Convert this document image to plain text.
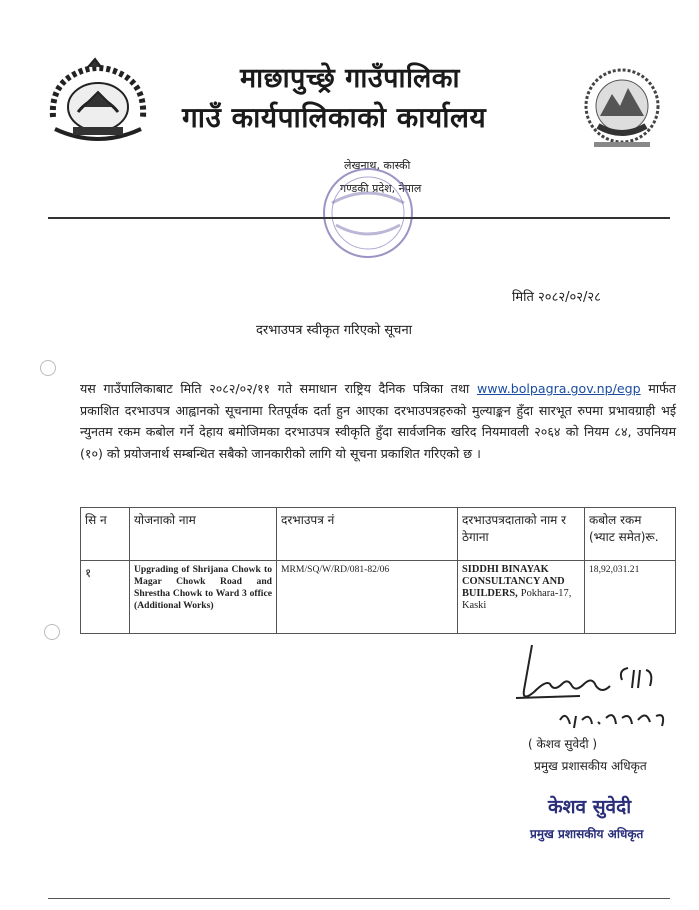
माछापुच्छ्रे गाउँपालिका
गाउँ कार्यपालिकाको कार्यालय
लेखनाथ, कास्की
गण्डकी प्रदेश, नेपाल
मिति २०८२/०२/२८
दरभाउपत्र स्वीकृत गरिएको सूचना
यस गाउँपालिकाबाट मिति २०८२/०२/११ गते समाधान राष्ट्रिय दैनिक पत्रिका तथा www.bolpagra.gov.np/egp मार्फत प्रकाशित दरभाउपत्र आह्वानको सूचनामा रितपूर्वक दर्ता हुन आएका दरभाउपत्रहरुको मुल्याङ्कन हुँदा सारभूत रुपमा प्रभावग्राही भई न्युनतम रकम कबोल गर्ने देहाय बमोजिमका दरभाउपत्र स्वीकृति हुँदा सार्वजनिक खरिद नियमावली २०६४ को नियम ८४, उपनियम (१०) को प्रयोजनार्थ सम्बन्धित सबैको जानकारीको लागि यो सूचना प्रकाशित गरिएको छ ।
सि न	योजनाको नाम	दरभाउपत्र नं	दरभाउपत्रदाताको नाम र ठेगाना	कबोल रकम (भ्याट समेत)रू.
१	Upgrading of Shrijana Chowk to Magar Chowk Road and Shrestha Chowk to Ward 3 office (Additional Works)	MRM/SQ/W/RD/081-82/06	SIDDHI BINAYAK CONSULTANCY AND BUILDERS, Pokhara-17, Kaski	18,92,031.21
( केशव सुवेदी )
प्रमुख प्रशासकीय अधिकृत
केशव सुवेदी
प्रमुख प्रशासकीय अधिकृत
